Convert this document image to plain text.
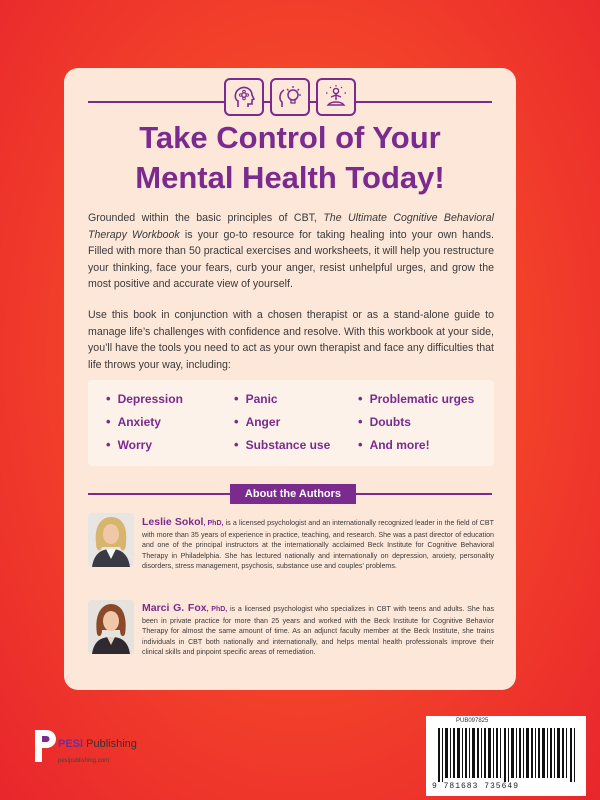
Take Control of Your
Mental Health Today!
Grounded within the basic principles of CBT, The Ultimate Cognitive Behavioral Therapy Workbook is your go-to resource for taking healing into your own hands. Filled with more than 50 practical exercises and worksheets, it will help you restructure your thinking, face your fears, curb your anger, resist unhelpful urges, and grow the most positive and accurate view of yourself.
Use this book in conjunction with a chosen therapist or as a stand-alone guide to manage life’s challenges with confidence and resolve. With this workbook at your side, you’ll have the tools you need to act as your own therapist and face any difficulties that life throws your way, including:
• Depression
• Anxiety
• Worry
• Panic
• Anger
• Substance use
• Problematic urges
• Doubts
• And more!
About the Authors
Leslie Sokol, PhD, is a licensed psychologist and an internationally recognized leader in the field of CBT with more than 35 years of experience in practice, teaching, and research. She was a past director of education and one of the principal instructors at the internationally acclaimed Beck Institute for Cognitive Behavioral Therapy in Philadelphia. She has lectured nationally and internationally on depression, anxiety, personality disorders, stress management, psychosis, substance use and couples’ problems.
Marci G. Fox, PhD, is a licensed psychologist who specializes in CBT with teens and adults. She has been in private practice for more than 25 years and worked with the Beck Institute for Cognitive Behavior Therapy for almost the same amount of time. As an adjunct faculty member at the Beck Institute, she trains individuals in CBT both nationally and internationally, and helps mental health professionals improve their clinical skills and pinpoint specific areas of remediation.
PESI Publishing
pesipublishing.com
PUB097825
9 781683 735649
